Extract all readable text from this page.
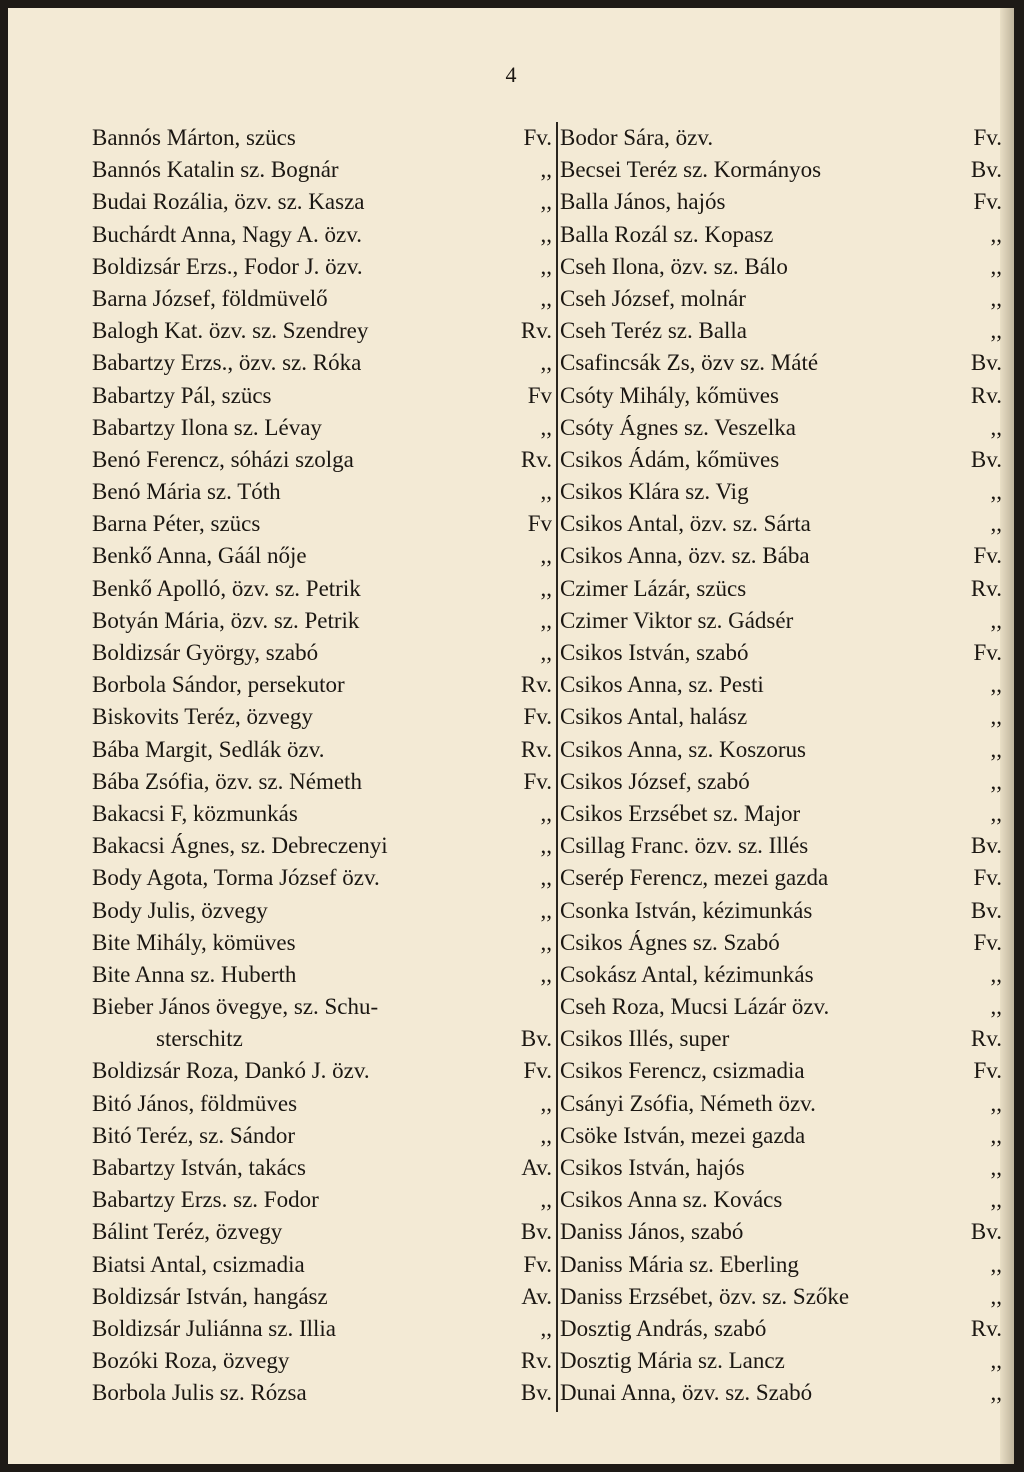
4
Bannós Márton, szücs	Fv.
Bannós Katalin sz. Bognár	,,
Budai Rozália, özv. sz. Kasza	,,
Buchárdt Anna, Nagy A. özv.	,,
Boldizsár Erzs., Fodor J. özv.	,,
Barna József, földmüvelő	,,
Balogh Kat. özv. sz. Szendrey	Rv.
Babartzy Erzs., özv. sz. Róka	,,
Babartzy Pál, szücs	Fv
Babartzy Ilona sz. Lévay	,,
Benó Ferencz, sóházi szolga	Rv.
Benó Mária sz. Tóth	,,
Barna Péter, szücs	Fv
Benkő Anna, Gáál nője	,,
Benkő Apolló, özv. sz. Petrik	,,
Botyán Mária, özv. sz. Petrik	,,
Boldizsár György, szabó	,,
Borbola Sándor, persekutor	Rv.
Biskovits Teréz, özvegy	Fv.
Bába Margit, Sedlák özv.	Rv.
Bába Zsófia, özv. sz. Németh	Fv.
Bakacsi F, közmunkás	,,
Bakacsi Ágnes, sz. Debreczenyi	,,
Body Agota, Torma József özv.	,,
Body Julis, özvegy	,,
Bite Mihály, kömüves	,,
Bite Anna sz. Huberth	,,
Bieber János övegye, sz. Schu-
sterschitz	Bv.
Boldizsár Roza, Dankó J. özv.	Fv.
Bitó János, földmüves	,,
Bitó Teréz, sz. Sándor	,,
Babartzy István, takács	Av.
Babartzy Erzs. sz. Fodor	,,
Bálint Teréz, özvegy	Bv.
Biatsi Antal, csizmadia	Fv.
Boldizsár István, hangász	Av.
Boldizsár Juliánna sz. Illia	,,
Bozóki Roza, özvegy	Rv.
Borbola Julis sz. Rózsa	Bv.
Bodor Sára, özv.	Fv.
Becsei Teréz sz. Kormányos	Bv.
Balla János, hajós	Fv.
Balla Rozál sz. Kopasz	,,
Cseh Ilona, özv. sz. Bálo	,,
Cseh József, molnár	,,
Cseh Teréz sz. Balla	,,
Csafincsák Zs, özv sz. Máté	Bv.
Csóty Mihály, kőmüves	Rv.
Csóty Ágnes sz. Veszelka	,,
Csikos Ádám, kőmüves	Bv.
Csikos Klára sz. Vig	,,
Csikos Antal, özv. sz. Sárta	,,
Csikos Anna, özv. sz. Bába	Fv.
Czimer Lázár, szücs	Rv.
Czimer Viktor sz. Gádsér	,,
Csikos István, szabó	Fv.
Csikos Anna, sz. Pesti	,,
Csikos Antal, halász	,,
Csikos Anna, sz. Koszorus	,,
Csikos József, szabó	,,
Csikos Erzsébet sz. Major	,,
Csillag Franc. özv. sz. Illés	Bv.
Cserép Ferencz, mezei gazda	Fv.
Csonka István, kézimunkás	Bv.
Csikos Ágnes sz. Szabó	Fv.
Csokász Antal, kézimunkás	,,
Cseh Roza, Mucsi Lázár özv.	,,
Csikos Illés, super	Rv.
Csikos Ferencz, csizmadia	Fv.
Csányi Zsófia, Németh özv.	,,
Csöke István, mezei gazda	,,
Csikos István, hajós	,,
Csikos Anna sz. Kovács	,,
Daniss János, szabó	Bv.
Daniss Mária sz. Eberling	,,
Daniss Erzsébet, özv. sz. Szőke	,,
Dosztig András, szabó	Rv.
Dosztig Mária sz. Lancz	,,
Dunai Anna, özv. sz. Szabó	,,
